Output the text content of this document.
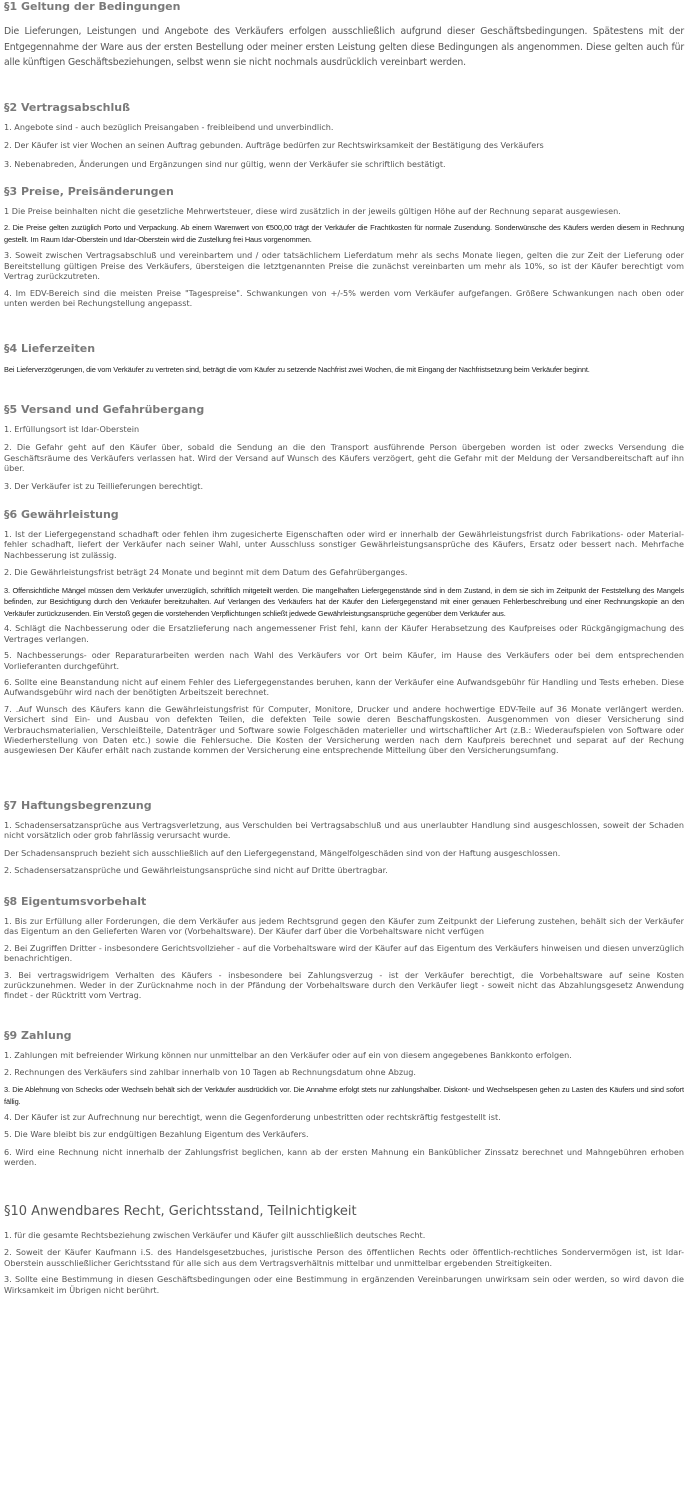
§1 Geltung der Bedingungen

Die Lieferungen, Leistungen und Angebote des Verkäufers erfolgen ausschließlich aufgrund dieser Geschäftsbedingungen. Spätestens mit der Entgegennahme der Ware aus der ersten Bestellung oder meiner ersten Leistung gelten diese Bedingungen als angenommen. Diese gelten auch für alle künftigen Geschäftsbeziehungen, selbst wenn sie nicht nochmals ausdrücklich vereinbart werden.

§2 Vertragsabschluß

1. Angebote sind - auch bezüglich Preisangaben - freibleibend und unverbindlich.

2. Der Käufer ist vier Wochen an seinen Auftrag gebunden. Aufträge bedürfen zur Rechtswirksamkeit der Bestätigung des Verkäufers

3. Nebenabreden, Änderungen und Ergänzungen sind nur gültig, wenn der Verkäufer sie schriftlich bestätigt.

§3 Preise, Preisänderungen

1 Die Preise beinhalten nicht die gesetzliche Mehrwertsteuer, diese wird zusätzlich in der jeweils gültigen Höhe auf der Rechnung separat ausgewiesen.

2. Die Preise gelten zuzüglich Porto und Verpackung. Ab einem Warenwert von €500,00 trägt der Verkäufer die Frachtkosten für normale Zusendung. Sonderwünsche des Käufers werden diesem in Rechnung gestellt. Im Raum Idar-Oberstein und Idar-Oberstein wird die Zustellung frei Haus vorgenommen.

3. Soweit zwischen Vertragsabschluß und vereinbartem und / oder tatsächlichem Lieferdatum mehr als sechs Monate liegen, gelten die zur Zeit der Lieferung oder Bereitstellung gültigen Preise des Verkäufers, übersteigen die letztgenannten Preise die zunächst vereinbarten um mehr als 10%, so ist der Käufer berechtigt vom Vertrag zurückzutreten.

4. Im EDV-Bereich sind die meisten Preise "Tagespreise". Schwankungen von +/-5% werden vom Verkäufer aufgefangen. Größere Schwankungen nach oben oder unten werden bei Rechungstellung angepasst.

§4 Lieferzeiten

Bei Lieferverzögerungen, die vom Verkäufer zu vertreten sind, beträgt die vom Käufer zu setzende Nachfrist zwei Wochen, die mit Eingang der Nachfristsetzung beim Verkäufer beginnt.

§5 Versand und Gefahrübergang

1. Erfüllungsort ist Idar-Oberstein

2. Die Gefahr geht auf den Käufer über, sobald die Sendung an die den Transport ausführende Person übergeben worden ist oder zwecks Versendung die Geschäftsräume des Verkäufers verlassen hat. Wird der Versand auf Wunsch des Käufers verzögert, geht die Gefahr mit der Meldung der Versandbereitschaft auf ihn über.

3. Der Verkäufer ist zu Teillieferungen berechtigt.

§6 Gewährleistung

1. Ist der Liefergegenstand schadhaft oder fehlen ihm zugesicherte Eigenschaften oder wird er innerhalb der Gewährleistungsfrist durch Fabrikations- oder Material-fehler schadhaft, liefert der Verkäufer nach seiner Wahl, unter Ausschluss sonstiger Gewährleistungsansprüche des Käufers, Ersatz oder bessert nach. Mehrfache Nachbesserung ist zulässig.

2. Die Gewährleistungsfrist beträgt 24 Monate und beginnt mit dem Datum des Gefahrüberganges.

3. Offensichtliche Mängel müssen dem Verkäufer unverzüglich, schriftlich mitgeteilt werden. Die mangelhaften Liefergegenstände sind in dem Zustand, in dem sie sich im Zeitpunkt der Feststellung des Mangels befinden, zur Besichtigung durch den Verkäufer bereitzuhalten. Auf Verlangen des Verkäufers hat der Käufer den Liefergegenstand mit einer genauen Fehlerbeschreibung und einer Rechnungskopie an den Verkäufer zurückzusenden. Ein Verstoß gegen die vorstehenden Verpflichtungen schließt jedwede Gewährleistungsansprüche gegenüber dem Verkäufer aus.

4. Schlägt die Nachbesserung oder die Ersatzlieferung nach angemessener Frist fehl, kann der Käufer Herabsetzung des Kaufpreises oder Rückgängigmachung des Vertrages verlangen.

5. Nachbesserungs- oder Reparaturarbeiten werden nach Wahl des Verkäufers vor Ort beim Käufer, im Hause des Verkäufers oder bei dem entsprechenden Vorlieferanten durchgeführt.

6. Sollte eine Beanstandung nicht auf einem Fehler des Liefergegenstandes beruhen, kann der Verkäufer eine Aufwandsgebühr für Handling und Tests erheben. Diese Aufwandsgebühr wird nach der benötigten Arbeitszeit berechnet.

7. .Auf Wunsch des Käufers kann die Gewährleistungsfrist für Computer, Monitore, Drucker und andere hochwertige EDV-Teile auf 36 Monate verlängert werden. Versichert sind Ein- und Ausbau von defekten Teilen, die defekten Teile sowie deren Beschaffungskosten. Ausgenommen von dieser Versicherung sind Verbrauchsmaterialien, Verschleißteile, Datenträger und Software sowie Folgeschäden materieller und wirtschaftlicher Art (z.B.: Wiederaufspielen von Software oder Wiederherstellung von Daten etc.) sowie die Fehlersuche. Die Kosten der Versicherung werden nach dem Kaufpreis berechnet und separat auf der Rechung ausgewiesen Der Käufer erhält nach zustande kommen der Versicherung eine entsprechende Mitteilung über den Versicherungsumfang.

§7 Haftungsbegrenzung

1. Schadensersatzansprüche aus Vertragsverletzung, aus Verschulden bei Vertragsabschluß und aus unerlaubter Handlung sind ausgeschlossen, soweit der Schaden nicht vorsätzlich oder grob fahrlässig verursacht wurde.

Der Schadensanspruch bezieht sich ausschließlich auf den Liefergegenstand, Mängelfolgeschäden sind von der Haftung ausgeschlossen.

2. Schadensersatzansprüche und Gewährleistungsansprüche sind nicht auf Dritte übertragbar.

§8 Eigentumsvorbehalt

1. Bis zur Erfüllung aller Forderungen, die dem Verkäufer aus jedem Rechtsgrund gegen den Käufer zum Zeitpunkt der Lieferung zustehen, behält sich der Verkäufer das Eigentum an den Gelieferten Waren vor (Vorbehaltsware). Der Käufer darf über die Vorbehaltsware nicht verfügen

2. Bei Zugriffen Dritter - insbesondere Gerichtsvollzieher - auf die Vorbehaltsware wird der Käufer auf das Eigentum des Verkäufers hinweisen und diesen unverzüglich benachrichtigen.

3. Bei vertragswidrigem Verhalten des Käufers - insbesondere bei Zahlungsverzug - ist der Verkäufer berechtigt, die Vorbehaltsware auf seine Kosten zurückzunehmen. Weder in der Zurücknahme noch in der Pfändung der Vorbehaltsware durch den Verkäufer liegt - soweit nicht das Abzahlungsgesetz Anwendung findet - der Rücktritt vom Vertrag.

§9 Zahlung

1. Zahlungen mit befreiender Wirkung können nur unmittelbar an den Verkäufer oder auf ein von diesem angegebenes Bankkonto erfolgen.

2. Rechnungen des Verkäufers sind zahlbar innerhalb von 10 Tagen ab Rechnungsdatum ohne Abzug.

3. Die Ablehnung von Schecks oder Wechseln behält sich der Verkäufer ausdrücklich vor. Die Annahme erfolgt stets nur zahlungshalber. Diskont- und Wechselspesen gehen zu Lasten des Käufers und sind sofort fällig.

4. Der Käufer ist zur Aufrechnung nur berechtigt, wenn die Gegenforderung unbestritten oder rechtskräftig festgestellt ist.

5. Die Ware bleibt bis zur endgültigen Bezahlung Eigentum des Verkäufers.

6. Wird eine Rechnung nicht innerhalb der Zahlungsfrist beglichen, kann ab der ersten Mahnung ein Banküblicher Zinssatz berechnet und Mahngebühren erhoben werden.

§10 Anwendbares Recht, Gerichtsstand, Teilnichtigkeit

1. für die gesamte Rechtsbeziehung zwischen Verkäufer und Käufer gilt ausschließlich deutsches Recht.

2. Soweit der Käufer Kaufmann i.S. des Handelsgesetzbuches, juristische Person des öffentlichen Rechts oder öffentlich-rechtliches Sondervermögen ist, ist Idar-Oberstein ausschließlicher Gerichtsstand für alle sich aus dem Vertragsverhältnis mittelbar und unmittelbar ergebenden Streitigkeiten.

3. Sollte eine Bestimmung in diesen Geschäftsbedingungen oder eine Bestimmung in ergänzenden Vereinbarungen unwirksam sein oder werden, so wird davon die Wirksamkeit im Übrigen nicht berührt.
